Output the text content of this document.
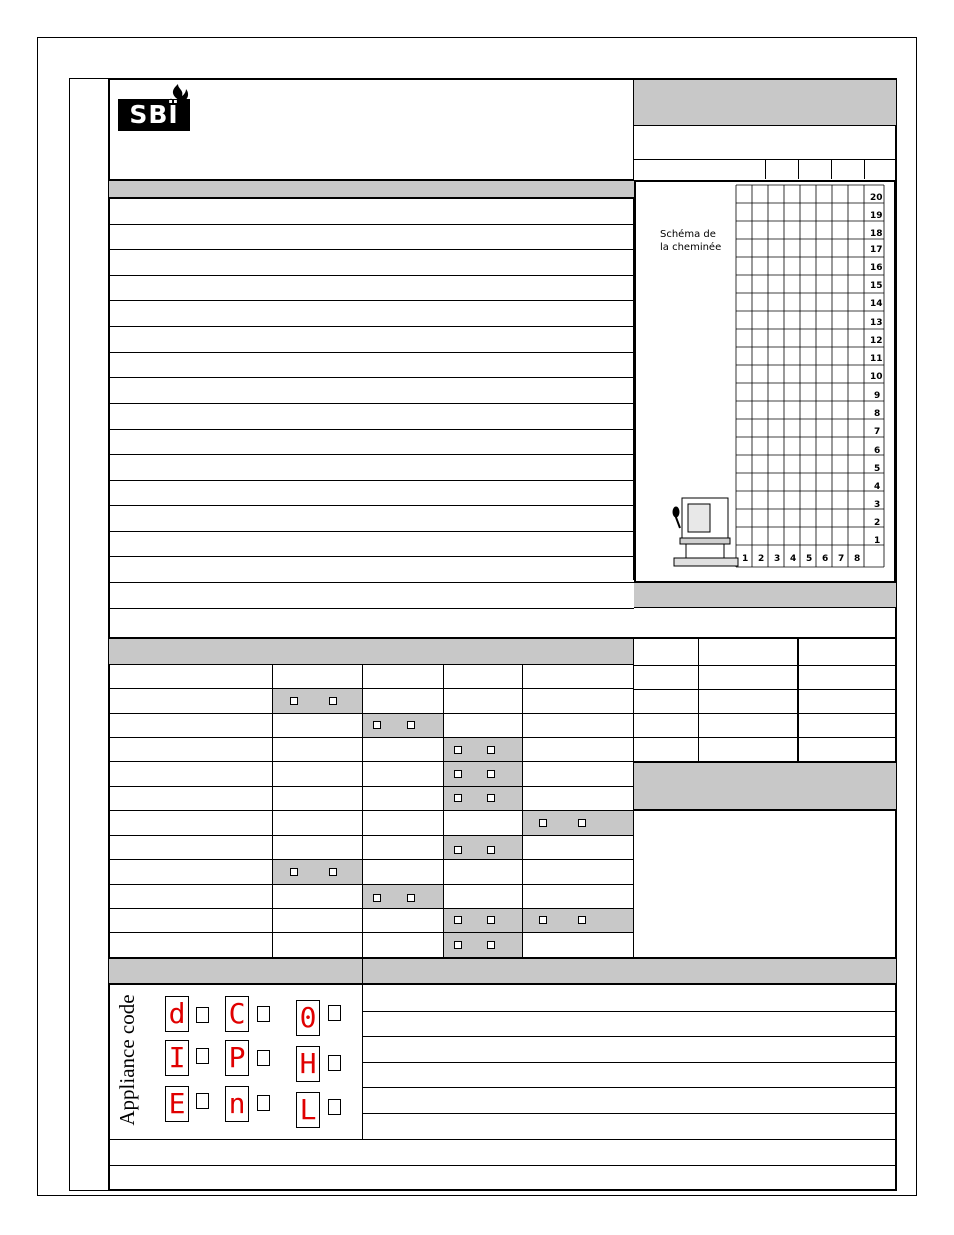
SBÏ
Schéma de la cheminée
20
19
18
17
16
15
14
13
12
11
10
9
8
7
6
5
4
3
2
1
1 2 3 4 5 6 7 8
Appliance code d C 0
I P H
E n L
